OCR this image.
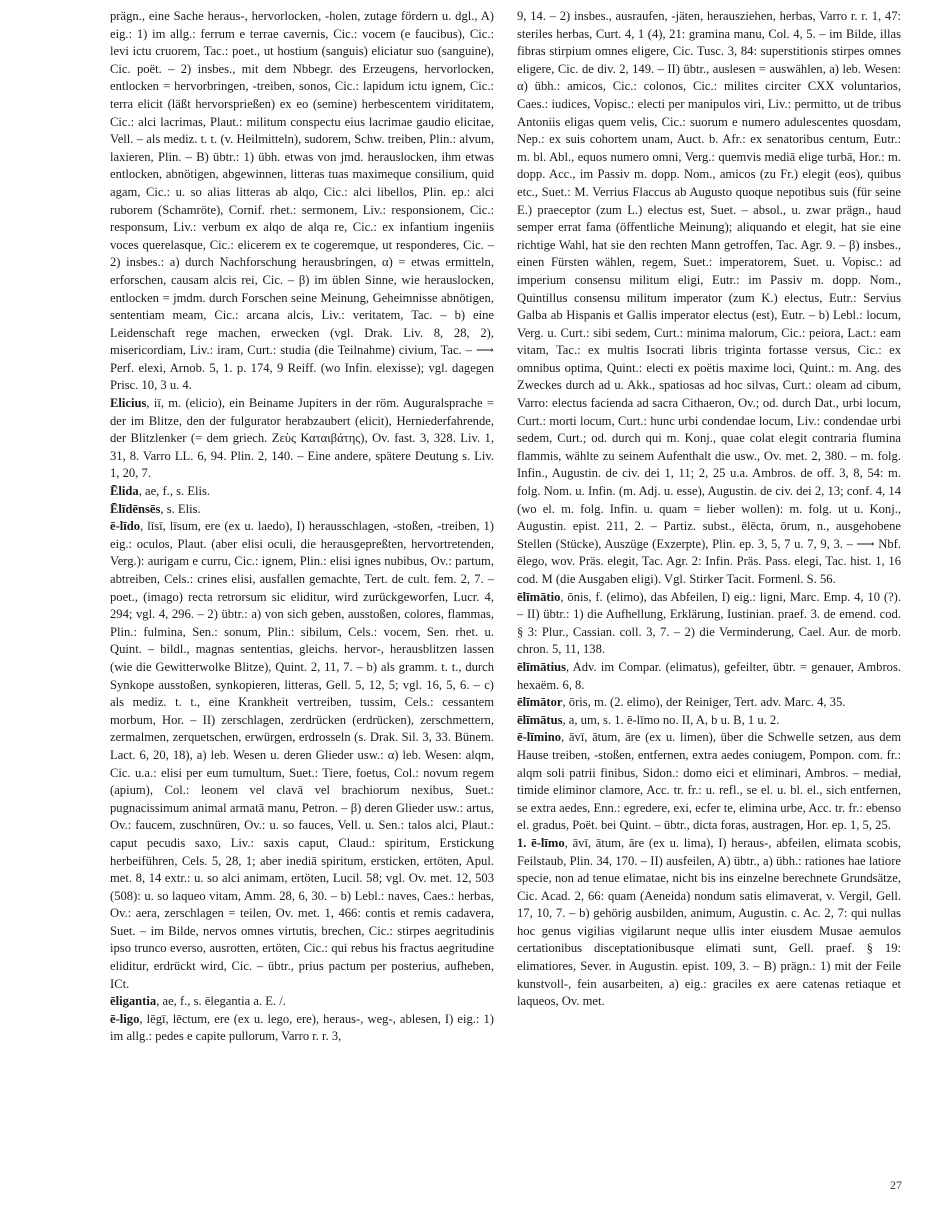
prägn., eine Sache heraus-, hervorlocken, -holen, zutage fördern u. dgl., A) eig.: 1) im allg.: ferrum e terrae cavernis, Cic.: vocem (e faucibus), Cic.: levi ictu cruorem, Tac.: poet., ut hostium (sanguis) eliciatur suo (sanguine), Cic. poët. – 2) insbes., mit dem Nbbegr. des Erzeugens, hervorlocken, entlocken = hervorbringen, -treiben, sonos, Cic.: lapidum ictu ignem, Cic.: terra elicit (läßt hervorsprießen) ex eo (semine) herbescentem viriditatem, Cic.: alci lacrimas, Plaut.: militum conspectu eius lacrimae gaudio elicitae, Vell. – als mediz. t. t. (v. Heilmitteln), sudorem, Schw. treiben, Plin.: alvum, laxieren, Plin. – B) übtr.: 1) übh. etwas von jmd. herauslocken, ihm etwas entlocken, abnötigen, abgewinnen, litteras tuas maximeque consilium, quid agam, Cic.: u. so alias litteras ab alqo, Cic.: alci libellos, Plin. ep.: alci ruborem (Schamröte), Cornif. rhet.: sermonem, Liv.: responsionem, Cic.: responsum, Liv.: verbum ex alqo de alqa re, Cic.: ex infantium ingeniis voces querelasque, Cic.: elicerem ex te cogeremque, ut responderes, Cic. – 2) insbes.: a) durch Nachforschung herausbringen, α) = etwas ermitteln, erforschen, causam alcis rei, Cic. – β) im üblen Sinne, wie herauslocken, entlocken = jmdm. durch Forschen seine Meinung, Geheimnisse abnötigen, sententiam meam, Cic.: arcana alcis, Liv.: veritatem, Tac. – b) eine Leidenschaft rege machen, erwecken (vgl. Drak. Liv. 8, 28, 2), misericordiam, Liv.: iram, Curt.: studia (die Teilnahme) civium, Tac. – ⟶ Perf. elexi, Arnob. 5, 1. p. 174, 9 Reiff. (wo Infin. elexisse); vgl. dagegen Prisc. 10, 3 u. 4.

Elicius, iī, m. (elicio), ein Beiname Jupiters in der röm. Auguralsprache = der im Blitze, den der fulgurator herabzaubert (elicit), Herniederfahrende, der Blitzlenker (= dem griech. Ζεὺς Καταιβάτης), Ov. fast. 3, 328. Liv. 1, 31, 8. Varro LL. 6, 94. Plin. 2, 140. – Eine andere, spätere Deutung s. Liv. 1, 20, 7.

Ēlida, ae, f., s. Elis.

Ēlīdēnsēs, s. Elis.

ē-līdo, līsī, līsum, ere (ex u. laedo), I) herausschlagen, -stoßen, -treiben, 1) eig.: oculos, Plaut. (aber elisi oculi, die herausgepreßten, hervortretenden, Verg.): aurigam e curru, Cic.: ignem, Plin.: elisi ignes nubibus, Ov.: partum, abtreiben, Cels.: crines elisi, ausfallen gemachte, Tert. de cult. fem. 2, 7. – poet., (imago) recta retrorsum sic eliditur, wird zurückgeworfen, Lucr. 4, 294; vgl. 4, 296. – 2) übtr.: a) von sich geben, ausstoßen, colores, flammas, Plin.: fulmina, Sen.: sonum, Plin.: sibilum, Cels.: vocem, Sen. rhet. u. Quint. – bildl., magnas sententias, gleichs. hervor-, herausblitzen lassen (wie die Gewitterwolke Blitze), Quint. 2, 11, 7. – b) als gramm. t. t., durch Synkope ausstoßen, synkopieren, litteras, Gell. 5, 12, 5; vgl. 16, 5, 6. – c) als mediz. t. t., eine Krankheit vertreiben, tussim, Cels.: cessantem morbum, Hor. – II) zerschlagen, zerdrücken (erdrücken), zerschmettern, zermalmen, zerquetschen, erwürgen, erdrosseln (s. Drak. Sil. 3, 33. Bünem. Lact. 6, 20, 18), a) leb. Wesen u. deren Glieder usw.: α) leb. Wesen: alqm, Cic. u.a.: elisi per eum tumultum, Suet.: Tiere, foetus, Col.: novum regem (apium), Col.: leonem vel clavā vel brachiorum nexibus, Suet.: pugnacissimum animal armatā manu, Petron. – β) deren Glieder usw.: artus, Ov.: faucem, zuschnüren, Ov.: u. so fauces, Vell. u. Sen.: talos alci, Plaut.: caput pecudis saxo, Liv.: saxis caput, Claud.: spiritum, Erstickung herbeiführen, Cels. 5, 28, 1; aber inediā spiritum, ersticken, ertöten, Apul. met. 8, 14 extr.: u. so alci animam, ertöten, Lucil. 58; vgl. Ov. met. 12, 503 (508): u. so laqueo vitam, Amm. 28, 6, 30. – b) Lebl.: naves, Caes.: herbas, Ov.: aera, zerschlagen = teilen, Ov. met. 1, 466: contis et remis cadavera, Suet. – im Bilde, nervos omnes virtutis, brechen, Cic.: stirpes aegritudinis ipso trunco everso, ausrotten, ertöten, Cic.: qui rebus his fractus aegritudine eliditur, erdrückt wird, Cic. – übtr., prius pactum per posterius, aufheben, ICt.

ēligantia, ae, f., s. ēlegantia a. E. /.

ē-ligo, lēgī, lēctum, ere (ex u. lego, ere), heraus-, weg-, ablesen, I) eig.: 1) im allg.: pedes e capite pullorum, Varro r. r. 3,

9, 14. – 2) insbes., ausraufen, -jäten, herausziehen, herbas, Varro r. r. 1, 47: steriles herbas, Curt. 4, 1 (4), 21: gramina manu, Col. 4, 5. – im Bilde, illas fibras stirpium omnes eligere, Cic. Tusc. 3, 84: superstitionis stirpes omnes eligere, Cic. de div. 2, 149. – II) übtr., auslesen = auswählen, a) leb. Wesen: α) übh.: amicos, Cic.: colonos, Cic.: milites circiter CXX voluntarios, Caes.: iudices, Vopisc.: electi per manipulos viri, Liv.: permitto, ut de tribus Antoniis eligas quem velis, Cic.: suorum e numero adulescentes quosdam, Nep.: ex suis cohortem unam, Auct. b. Afr.: ex senatoribus centum, Eutr.: m. bl. Abl., equos numero omni, Verg.: quemvis mediā elige turbā, Hor.: m. dopp. Acc., im Passiv m. dopp. Nom., amicos (zu Fr.) elegit (eos), quibus etc., Suet.: M. Verrius Flaccus ab Augusto quoque nepotibus suis (für seine E.) praeceptor (zum L.) electus est, Suet. – absol., u. zwar prägn., haud semper errat fama (öffentliche Meinung); aliquando et elegit, hat sie eine richtige Wahl, hat sie den rechten Mann getroffen, Tac. Agr. 9. – β) insbes., einen Fürsten wählen, regem, Suet.: imperatorem, Suet. u. Vopisc.: ad imperium consensu militum eligi, Eutr.: im Passiv m. dopp. Nom., Quintillus consensu militum imperator (zum K.) electus, Eutr.: Servius Galba ab Hispanis et Gallis imperator electus (est), Eutr. – b) Lebl.: locum, Verg. u. Curt.: sibi sedem, Curt.: minima malorum, Cic.: peiora, Lact.: eam vitam, Tac.: ex multis Isocrati libris triginta fortasse versus, Cic.: ex omnibus optima, Quint.: electi ex poëtis maxime loci, Quint.: m. Ang. des Zweckes durch ad u. Akk., spatiosas ad hoc silvas, Curt.: oleam ad cibum, Varro: electus facienda ad sacra Cithaeron, Ov.; od. durch Dat., urbi locum, Curt.: morti locum, Curt.: hunc urbi condendae locum, Liv.: condendae urbi sedem, Curt.; od. durch qui m. Konj., quae colat elegit contraria flumina flammis, wählte zu seinem Aufenthalt die usw., Ov. met. 2, 380. – m. folg. Infin., Augustin. de civ. dei 1, 11; 2, 25 u.a. Ambros. de off. 3, 8, 54: m. folg. Nom. u. Infin. (m. Adj. u. esse), Augustin. de civ. dei 2, 13; conf. 4, 14 (wo el. m. folg. Infin. u. quam = lieber wollen): m. folg. ut u. Konj., Augustin. epist. 211, 2. – Partiz. subst., ēlēcta, ōrum, n., ausgehobene Stellen (Stücke), Auszüge (Exzerpte), Plin. ep. 3, 5, 7 u. 7, 9, 3. – ⟶ Nbf. ēlego, wov. Präs. elegit, Tac. Agr. 2: Infin. Präs. Pass. elegi, Tac. hist. 1, 16 cod. M (die Ausgaben eligi). Vgl. Stirker Tacit. Formenl. S. 56.

ēlīmātio, ōnis, f. (elimo), das Abfeilen, I) eig.: ligni, Marc. Emp. 4, 10 (?). – II) übtr.: 1) die Aufhellung, Erklärung, Iustinian. praef. 3. de emend. cod. § 3: Plur., Cassian. coll. 3, 7. – 2) die Verminderung, Cael. Aur. de morb. chron. 5, 11, 138.

ēlīmātius, Adv. im Compar. (elimatus), gefeilter, übtr. = genauer, Ambros. hexaëm. 6, 8.

ēlīmātor, ōris, m. (2. elimo), der Reiniger, Tert. adv. Marc. 4, 35.

ēlīmātus, a, um, s. 1. ē-līmo no. II, A, b u. B, 1 u. 2.

ē-līmino, āvī, ātum, āre (ex u. limen), über die Schwelle setzen, aus dem Hause treiben, -stoßen, entfernen, extra aedes coniugem, Pompon. com. fr.: alqm soli patrii finibus, Sidon.: domo eici et eliminari, Ambros. – mediał, timide eliminor clamore, Acc. tr. fr.: u. refl., se el. u. bl. el., sich entfernen, se extra aedes, Enn.: egredere, exi, ecfer te, elimina urbe, Acc. tr. fr.: ebenso el. gradus, Poët. bei Quint. – übtr., dicta foras, austragen, Hor. ep. 1, 5, 25.

1. ē-līmo, āvī, ātum, āre (ex u. lima), I) heraus-, abfeilen, elimata scobis, Feilstaub, Plin. 34, 170. – II) ausfeilen, A) übtr., a) übh.: rationes hae latiore specie, non ad tenue elimatae, nicht bis ins einzelne berechnete Grundsätze, Cic. Acad. 2, 66: quam (Aeneida) nondum satis elimaverat, v. Vergil, Gell. 17, 10, 7. – b) gehörig ausbilden, animum, Augustin. c. Ac. 2, 7: qui nullas hoc genus vigilias vigilarunt neque ullis inter eiusdem Musae aemulos certationibus disceptationibusque elimati sunt, Gell. praef. § 19: elimatiores, Sever. in Augustin. epist. 109, 3. – B) prägn.: 1) mit der Feile kunstvoll-, fein ausarbeiten, a) eig.: graciles ex aere catenas retiaque et laqueos, Ov. met.

27
